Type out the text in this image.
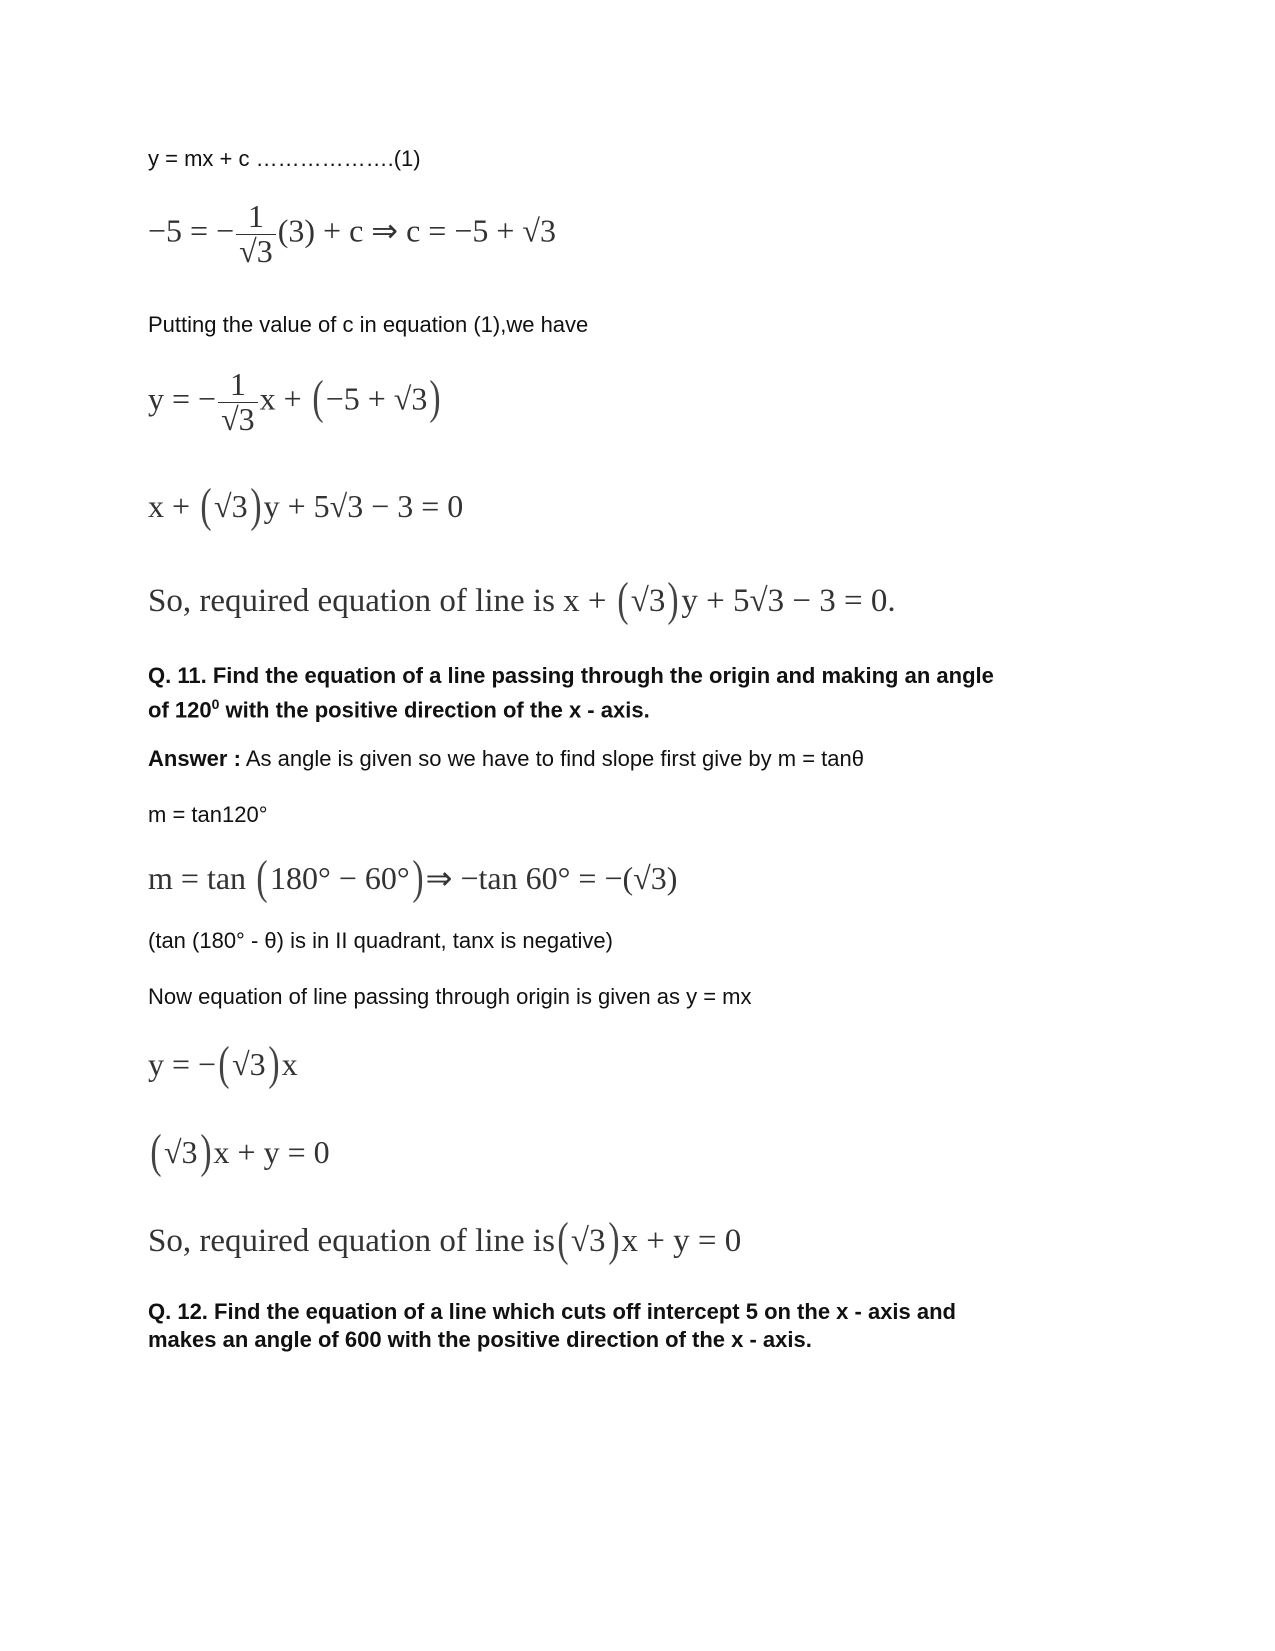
y = mx + c ……………….(1)
−5 = − $\frac{1}{√3} (3) + c$ ⇒ c = −5 + √3
Putting the value of c in equation (1),we have
y = − $\frac{1}{√3}$ x + (−5 + √3)
x + (√3)y + 5√3 − 3 = 0
So, required equation of line is x + (√3)y + 5√3 − 3 = 0.
Q. 11. Find the equation of a line passing through the origin and making an angle
of $120^0$ with the positive direction of the x - axis.
Answer : As angle is given so we have to find slope first give by m = tanθ
m = tan120°
m = tan (180° − 60°)⇒ −tan 60° = −(√3)
(tan (180° - θ) is in II quadrant, tanx is negative)
Now equation of line passing through origin is given as y = mx
y = −(√3)x
(√3)x + y = 0
So, required equation of line is(√3)x + y = 0
Q. 12. Find the equation of a line which cuts off intercept 5 on the x - axis and
makes an angle of 600 with the positive direction of the x - axis.
